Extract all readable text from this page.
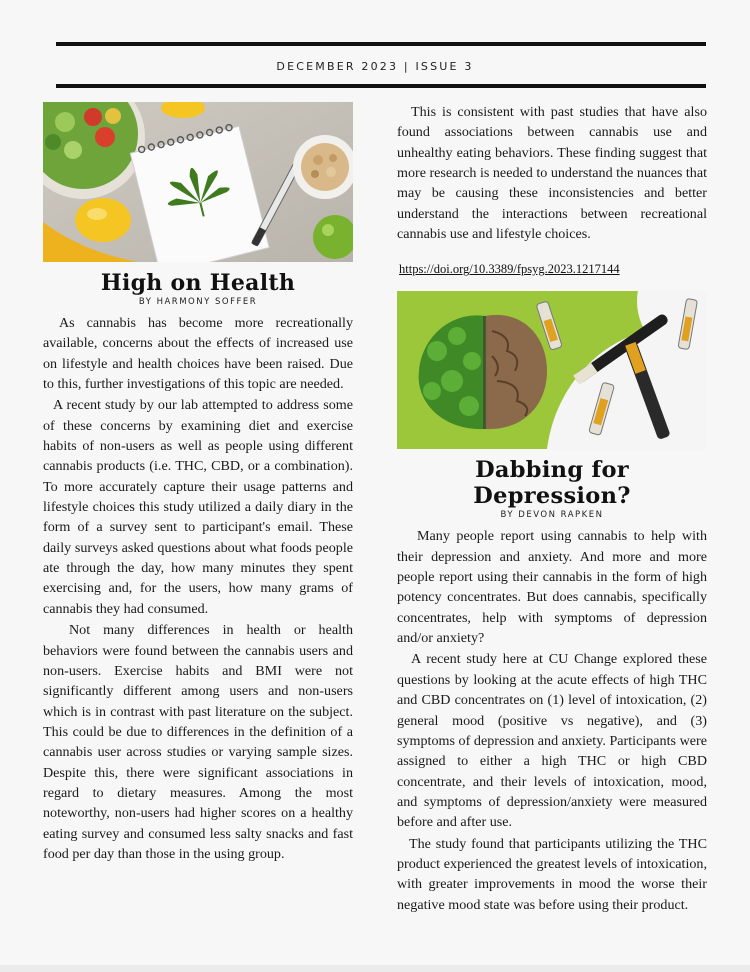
DECEMBER 2023 | ISSUE 3
High on Health
BY HARMONY SOFFER

As cannabis has become more recreationally available, concerns about the effects of increased use on lifestyle and health choices have been raised. Due to this, further investigations of this topic are needed.

A recent study by our lab attempted to address some of these concerns by examining diet and exercise habits of non-users as well as people using different cannabis products (i.e. THC, CBD, or a combination). To more accurately capture their usage patterns and lifestyle choices this study utilized a daily diary in the form of a survey sent to participant's email. These daily surveys asked questions about what foods people ate through the day, how many minutes they spent exercising and, for the users, how many grams of cannabis they had consumed.

Not many differences in health or health behaviors were found between the cannabis users and non-users. Exercise habits and BMI were not significantly different among users and non-users which is in contrast with past literature on the subject. This could be due to differences in the definition of a cannabis user across studies or varying sample sizes. Despite this, there were significant associations in regard to dietary measures. Among the most noteworthy, non-users had higher scores on a healthy eating survey and consumed less salty snacks and fast food per day than those in the using group.

This is consistent with past studies that have also found associations between cannabis use and unhealthy eating behaviors. These finding suggest that more research is needed to understand the nuances that may be causing these inconsistencies and better understand the interactions between recreational cannabis use and lifestyle choices.

https://doi.org/10.3389/fpsyg.2023.1217144
Dabbing for Depression?
BY DEVON RAPKEN

Many people report using cannabis to help with their depression and anxiety. And more and more people report using their cannabis in the form of high potency concentrates. But does cannabis, specifically concentrates, help with symptoms of depression and/or anxiety?

A recent study here at CU Change explored these questions by looking at the acute effects of high THC and CBD concentrates on (1) level of intoxication, (2) general mood (positive vs negative), and (3) symptoms of depression and anxiety. Participants were assigned to either a high THC or high CBD concentrate, and their levels of intoxication, mood, and symptoms of depression/anxiety were measured before and after use.

The study found that participants utilizing the THC product experienced the greatest levels of intoxication, with greater improvements in mood the worse their negative mood state was before using their product.
